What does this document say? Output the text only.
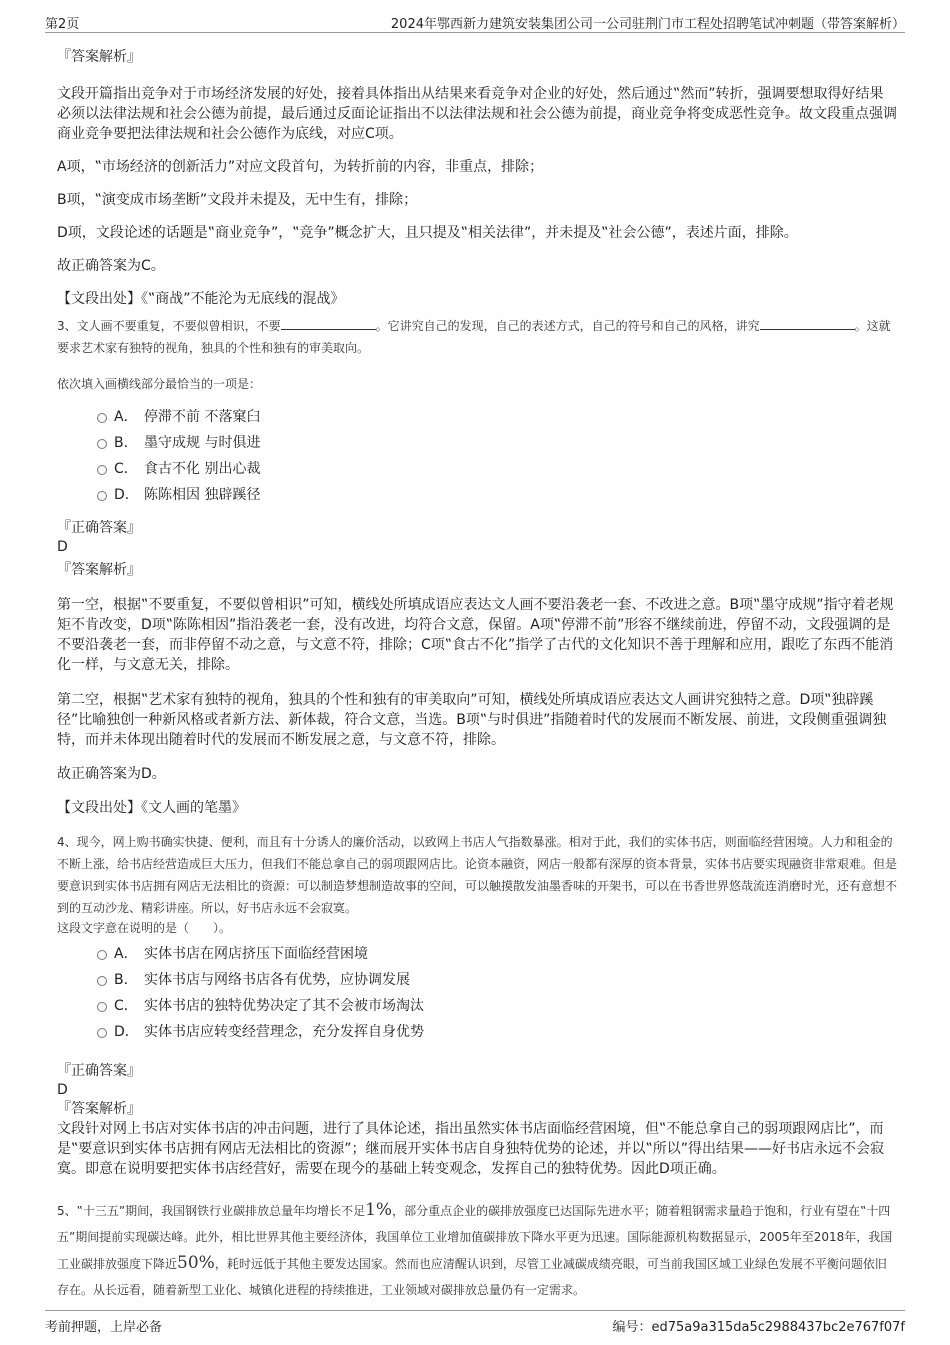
第2页	2024年鄂西新力建筑安装集团公司一公司驻荆门市工程处招聘笔试冲刺题（带答案解析）

『答案解析』

文段开篇指出竞争对于市场经济发展的好处，接着具体指出从结果来看竞争对企业的好处，然后通过‟然而”转折，强调要想取得好结果必须以法律法规和社会公德为前提，最后通过反面论证指出不以法律法规和社会公德为前提，商业竞争将变成恶性竞争。故文段重点强调商业竞争要把法律法规和社会公德作为底线，对应C项。

A项，‟市场经济的创新活力”对应文段首句，为转折前的内容，非重点，排除；

B项，‟演变成市场垄断”文段并未提及，无中生有，排除；

D项，文段论述的话题是‟商业竞争”，‟竞争”概念扩大，且只提及‟相关法律”，并未提及‟社会公德”，表述片面，排除。

故正确答案为C。

【文段出处】《‟商战”不能沦为无底线的混战》

3、文人画不要重复，不要似曾相识，不要	。它讲究自己的发现，自己的表述方式，自己的符号和自己的风格，讲究	。这就要求艺术家有独特的视角，独具的个性和独有的审美取向。

依次填入画横线部分最恰当的一项是：

A． 停滞不前 不落窠臼
B． 墨守成规 与时俱进
C． 食古不化 别出心裁
D． 陈陈相因 独辟蹊径

『正确答案』

D

『答案解析』

第一空，根据‟不要重复，不要似曾相识”可知，横线处所填成语应表达文人画不要沿袭老一套、不改进之意。B项‟墨守成规”指守着老规矩不肯改变，D项‟陈陈相因”指沿袭老一套，没有改进，均符合文意，保留。A项‟停滞不前”形容不继续前进，停留不动，文段强调的是不要沿袭老一套，而非停留不动之意，与文意不符，排除；C项‟食古不化”指学了古代的文化知识不善于理解和应用，跟吃了东西不能消化一样，与文意无关，排除。

第二空，根据‟艺术家有独特的视角，独具的个性和独有的审美取向”可知，横线处所填成语应表达文人画讲究独特之意。D项‟独辟蹊径”比喻独创一种新风格或者新方法、新体裁，符合文意，当选。B项‟与时俱进”指随着时代的发展而不断发展、前进，文段侧重强调独特，而并未体现出随着时代的发展而不断发展之意，与文意不符，排除。

故正确答案为D。

【文段出处】《文人画的笔墨》

4、现今，网上购书确实快捷、便利，而且有十分诱人的廉价活动，以致网上书店人气指数暴涨。相对于此，我们的实体书店，则面临经营困境。人力和租金的不断上涨，给书店经营造成巨大压力，但我们不能总拿自己的弱项跟网店比。论资本融资，网店一般都有深厚的资本背景，实体书店要实现融资非常艰难。但是要意识到实体书店拥有网店无法相比的资源：可以制造梦想制造故事的空间，可以触摸散发油墨香味的开架书，可以在书香世界悠哉流连消磨时光，还有意想不到的互动沙龙、精彩讲座。所以，好书店永远不会寂寞。

这段文字意在说明的是（　　）。

A． 实体书店在网店挤压下面临经营困境
B． 实体书店与网络书店各有优势，应协调发展
C． 实体书店的独特优势决定了其不会被市场淘汰
D． 实体书店应转变经营理念，充分发挥自身优势

『正确答案』

D

『答案解析』

文段针对网上书店对实体书店的冲击问题，进行了具体论述，指出虽然实体书店面临经营困境，但‟不能总拿自己的弱项跟网店比”，而是‟要意识到实体书店拥有网店无法相比的资源”；继而展开实体书店自身独特优势的论述，并以‟所以”得出结果——好书店永远不会寂寞。即意在说明要把实体书店经营好，需要在现今的基础上转变观念，发挥自己的独特优势。因此D项正确。

5、‟十三五”期间，我国钢铁行业碳排放总量年均增长不足1%，部分重点企业的碳排放强度已达国际先进水平；随着粗钢需求量趋于饱和，行业有望在‟十四五”期间提前实现碳达峰。此外，相比世界其他主要经济体，我国单位工业增加值碳排放下降水平更为迅速。国际能源机构数据显示，2005年至2018年，我国工业碳排放强度下降近50%，耗时远低于其他主要发达国家。然而也应清醒认识到，尽管工业减碳成绩亮眼，可当前我国区域工业绿色发展不平衡问题依旧存在。从长远看，随着新型工业化、城镇化进程的持续推进，工业领域对碳排放总量仍有一定需求。

考前押题，上岸必备	编号：ed75a9a315da5c2988437bc2e767f07f
